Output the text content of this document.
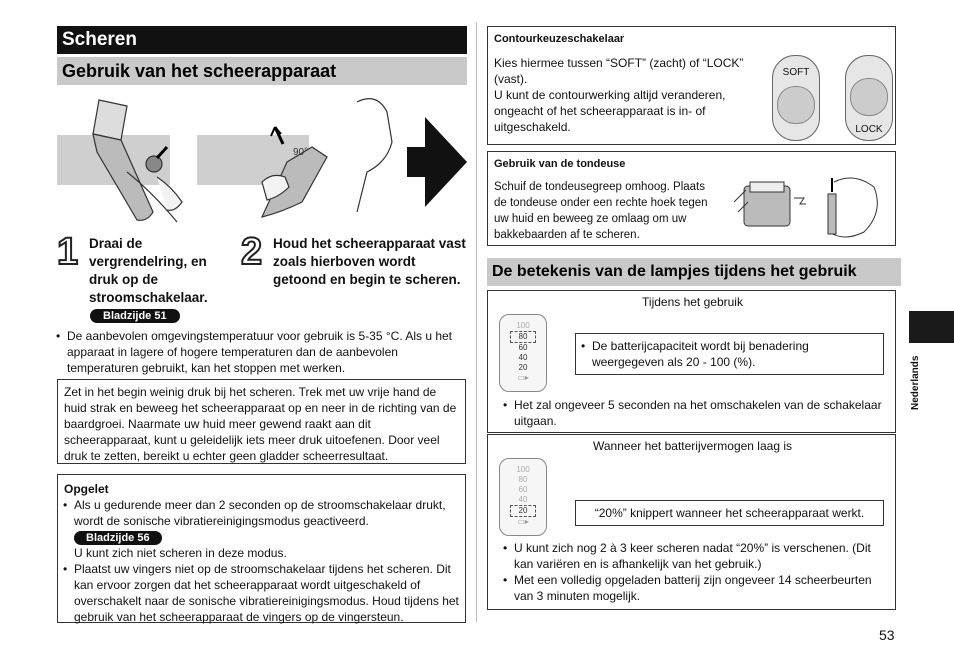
Scheren
Gebruik van het scheerapparaat
90°
1 Draai de vergrendelring, en druk op de stroomschakelaar.
Bladzijde 51
2 Houd het scheerapparaat vast zoals hierboven wordt getoond en begin te scheren.
• De aanbevolen omgevingstemperatuur voor gebruik is 5-35 °C. Als u het apparaat in lagere of hogere temperaturen dan de aanbevolen temperaturen gebruikt, kan het stoppen met werken.
Zet in het begin weinig druk bij het scheren. Trek met uw vrije hand de huid strak en beweeg het scheerapparaat op en neer in de richting van de baardgroei. Naarmate uw huid meer gewend raakt aan dit scheerapparaat, kunt u geleidelijk iets meer druk uitoefenen. Door veel druk te zetten, bereikt u echter geen gladder scheerresultaat.
Opgelet
• Als u gedurende meer dan 2 seconden op de stroomschakelaar drukt, wordt de sonische vibratiereinigingsmodus geactiveerd.
Bladzijde 56
U kunt zich niet scheren in deze modus.
• Plaatst uw vingers niet op de stroomschakelaar tijdens het scheren. Dit kan ervoor zorgen dat het scheerapparaat wordt uitgeschakeld of overschakelt naar de sonische vibratiereinigingsmodus. Houd tijdens het gebruik van het scheerapparaat de vingers op de vingersteun.
Contourkeuzeschakelaar
Kies hiermee tussen “SOFT” (zacht) of “LOCK” (vast).
U kunt de contourwerking altijd veranderen, ongeacht of het scheerapparaat is in- of uitgeschakeld.
SOFT
LOCK
Gebruik van de tondeuse
Schuif de tondeusegreep omhoog. Plaats de tondeuse onder een rechte hoek tegen uw huid en beweeg ze omlaag om uw bakkebaarden af te scheren.
De betekenis van de lampjes tijdens het gebruik
Tijdens het gebruik
100
80
60
40
20
▭▸
• De batterijcapaciteit wordt bij benadering weergegeven als 20 - 100 (%).
• Het zal ongeveer 5 seconden na het omschakelen van de schakelaar uitgaan.
Wanneer het batterijvermogen laag is
100
80
60
40
20
▭▸
“20%” knippert wanneer het scheerapparaat werkt.
• U kunt zich nog 2 à 3 keer scheren nadat “20%” is verschenen. (Dit kan variëren en is afhankelijk van het gebruik.)
• Met een volledig opgeladen batterij zijn ongeveer 14 scheerbeurten van 3 minuten mogelijk.
Nederlands
53
